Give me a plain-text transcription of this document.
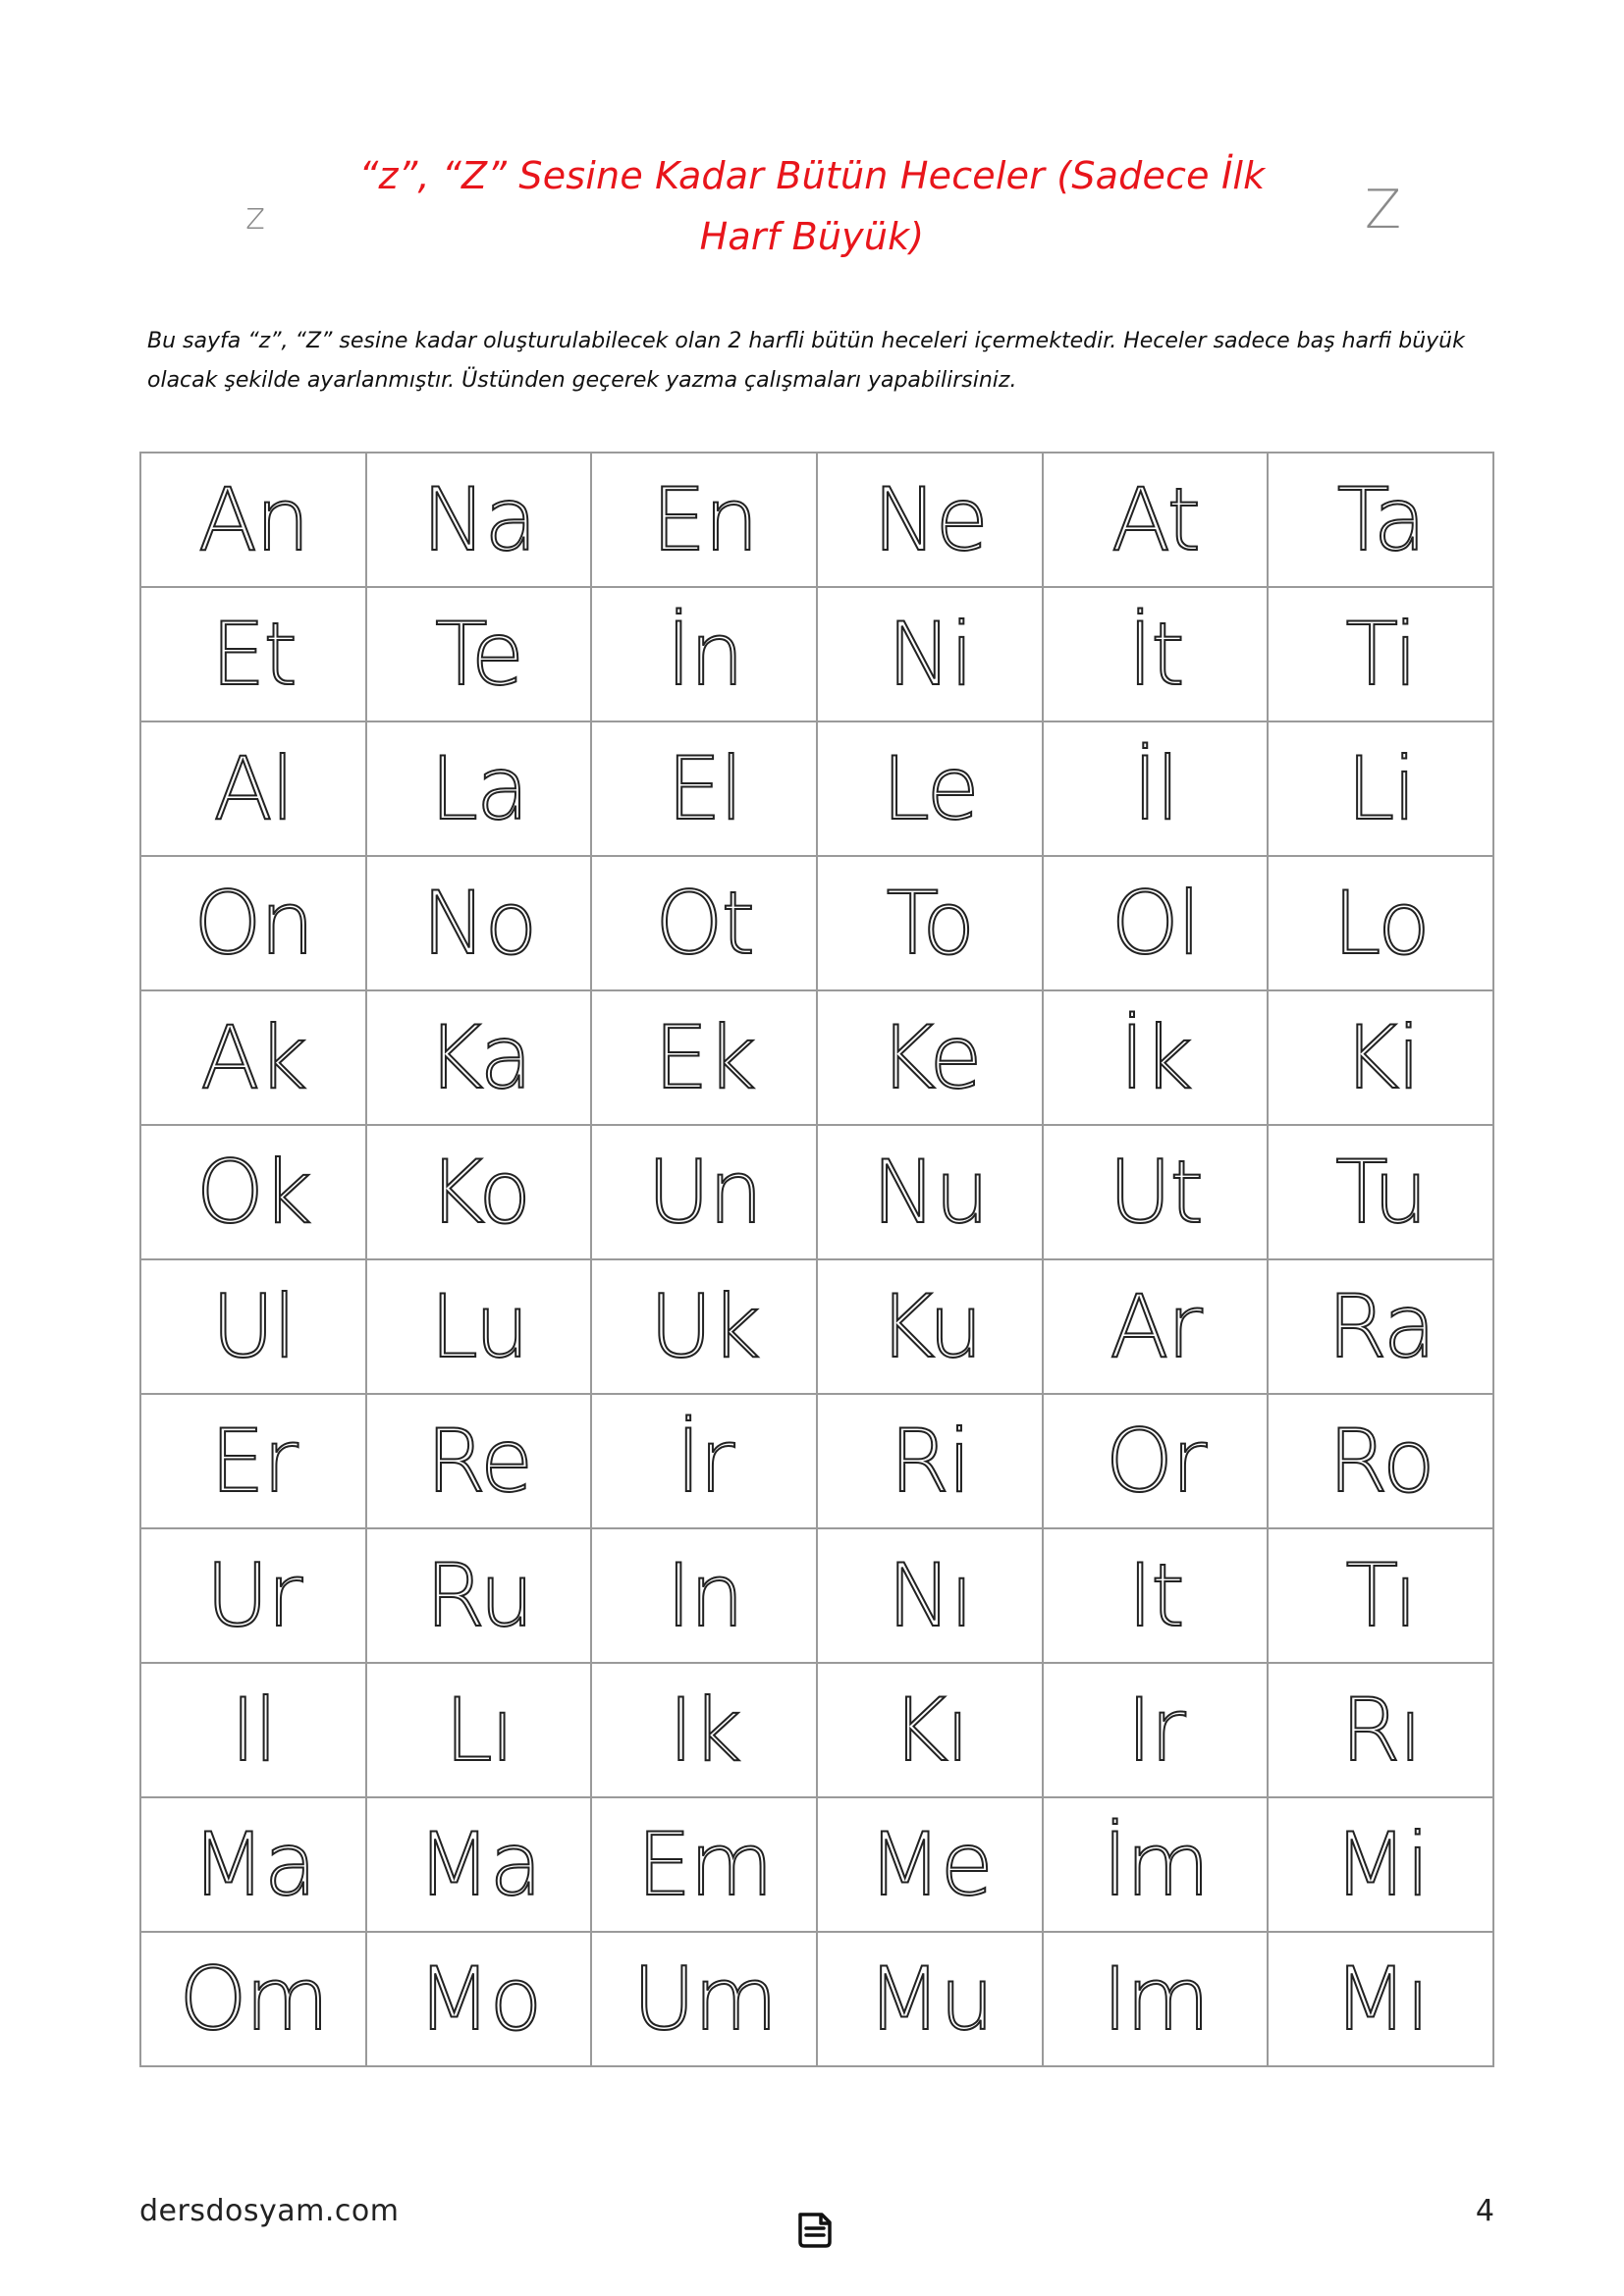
z
“z”, “Z” Sesine Kadar Bütün Heceler (Sadece İlk
Harf Büyük)	Z
Bu sayfa “z”, “Z” sesine kadar oluşturulabilecek olan 2 harfli bütün heceleri içermektedir. Heceler sadece baş harfi büyük
olacak şekilde ayarlanmıştır. Üstünden geçerek yazma çalışmaları yapabilirsiniz.
An	Na	En	Ne	At	Ta
Et	Te	İn	Ni	İt	Ti
Al	La	El	Le	İl	Li
On	No	Ot	To	Ol	Lo
Ak	Ka	Ek	Ke	İk	Ki
Ok	Ko	Un	Nu	Ut	Tu
Ul	Lu	Uk	Ku	Ar	Ra
Er	Re	İr	Ri	Or	Ro
Ur	Ru	In	Nı	It	Tı
Il	Lı	Ik	Kı	Ir	Rı
Ma	Ma	Em	Me	İm	Mi
Om	Mo	Um	Mu	Im	Mı
dersdosyam.com	4
